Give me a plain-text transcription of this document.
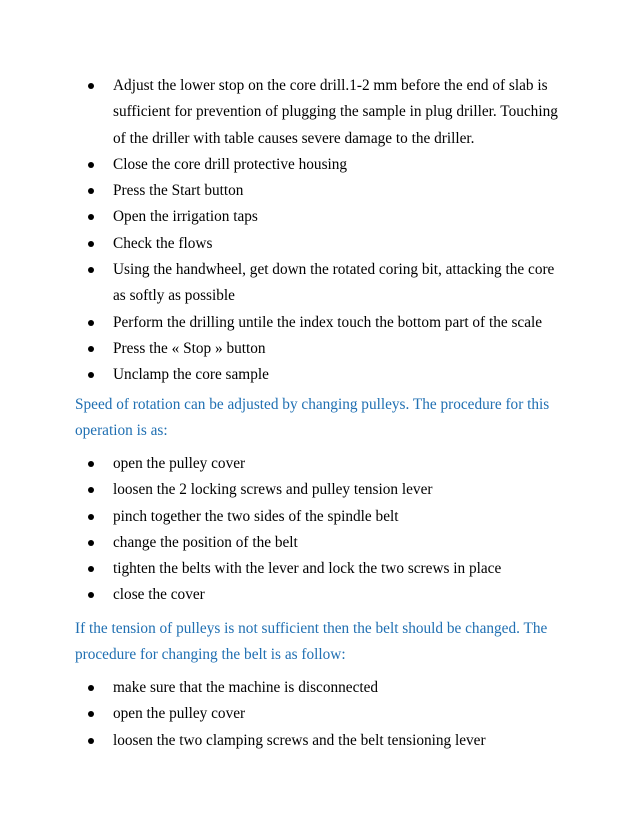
Adjust the lower stop on the core drill.1-2 mm before the end of slab is sufficient for prevention of plugging the sample in plug driller. Touching of the driller with table causes severe damage to the driller.
Close the core drill protective housing
Press the Start button
Open the irrigation taps
Check the flows
Using the handwheel, get down the rotated coring bit, attacking the core as softly as possible
Perform the drilling untile the index touch the bottom part of the scale
Press the « Stop » button
Unclamp the core sample

Speed of rotation can be adjusted by changing pulleys. The procedure for this operation is as:

open the pulley cover
loosen the 2 locking screws and pulley tension lever
pinch together the two sides of the spindle belt
change the position of the belt
tighten the belts with the lever and lock the two screws in place
close the cover

If the tension of pulleys is not sufficient then the belt should be changed. The procedure for changing the belt is as follow:

make sure that the machine is disconnected
open the pulley cover
loosen the two clamping screws and the belt tensioning lever
